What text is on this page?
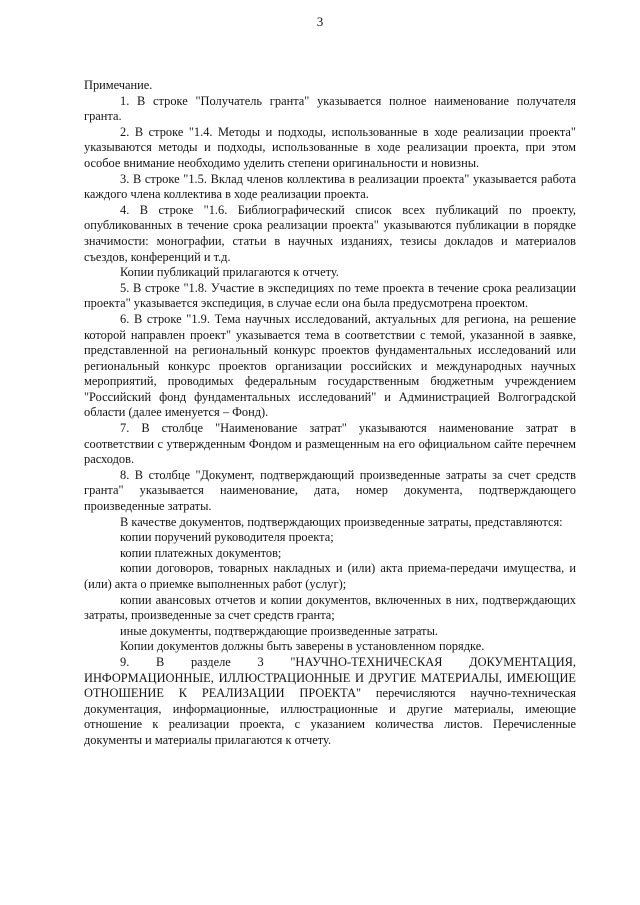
3

Примечание.

1. В строке "Получатель гранта" указывается полное наименование получателя гранта.

2. В строке "1.4. Методы и подходы, использованные в ходе реализации проекта" указываются методы и подходы, использованные в ходе реализации проекта, при этом особое внимание необходимо уделить степени оригинальности и новизны.

3. В строке "1.5. Вклад членов коллектива в реализации проекта" указывается работа каждого члена коллектива в ходе реализации проекта.

4. В строке "1.6. Библиографический список всех публикаций по проекту, опубликованных в течение срока реализации проекта" указываются публикации в порядке значимости: монографии, статьи в научных изданиях, тезисы докладов и материалов съездов, конференций и т.д.

Копии публикаций прилагаются к отчету.

5. В строке "1.8. Участие в экспедициях по теме проекта в течение срока реализации проекта" указывается экспедиция, в случае если она была предусмотрена проектом.

6. В строке "1.9. Тема научных исследований, актуальных для региона, на решение которой направлен проект" указывается тема в соответствии с темой, указанной в заявке, представленной на региональный конкурс проектов фундаментальных исследований или региональный конкурс проектов организации российских и международных научных мероприятий, проводимых федеральным государственным бюджетным учреждением "Российский фонд фундаментальных исследований" и Администрацией Волгоградской области (далее именуется – Фонд).

7. В столбце "Наименование затрат" указываются наименование затрат в соответствии с утвержденным Фондом и размещенным на его официальном сайте перечнем расходов.

8. В столбце "Документ, подтверждающий произведенные затраты за счет средств гранта" указывается наименование, дата, номер документа, подтверждающего произведенные затраты.

В качестве документов, подтверждающих произведенные затраты, представляются:

копии поручений руководителя проекта;

копии платежных документов;

копии договоров, товарных накладных и (или) акта приема-передачи имущества, и (или) акта о приемке выполненных работ (услуг);

копии авансовых отчетов и копии документов, включенных в них, подтверждающих затраты, произведенные за счет средств гранта;

иные документы, подтверждающие произведенные затраты.

Копии документов должны быть заверены в установленном порядке.

9. В разделе 3 "НАУЧНО-ТЕХНИЧЕСКАЯ ДОКУМЕНТАЦИЯ, ИНФОРМАЦИОННЫЕ, ИЛЛЮСТРАЦИОННЫЕ И ДРУГИЕ МАТЕРИАЛЫ, ИМЕЮЩИЕ ОТНОШЕНИЕ К РЕАЛИЗАЦИИ ПРОЕКТА" перечисляются научно-техническая документация, информационные, иллюстрационные и другие материалы, имеющие отношение к реализации проекта, с указанием количества листов. Перечисленные документы и материалы прилагаются к отчету.
